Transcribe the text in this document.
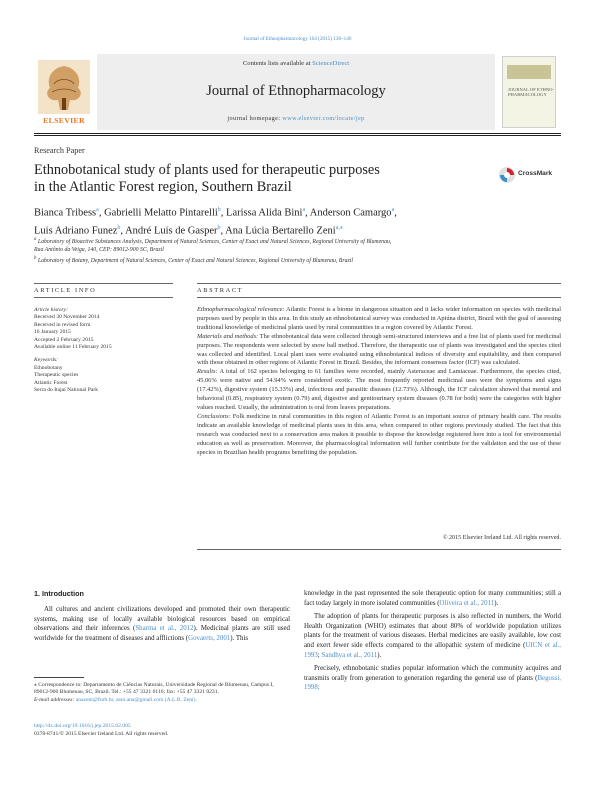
Journal of Ethnopharmacology 164 (2015) 136–146
ELSEVIER
Contents lists available at ScienceDirect
Journal of Ethnopharmacology
journal homepage: www.elsevier.com/locate/jep
JOURNAL OF ETHNO-PHARMACOLOGY
Research Paper
Ethnobotanical study of plants used for therapeutic purposes
in the Atlantic Forest region, Southern Brazil
CrossMark
Bianca Tribess$^a$, Gabrielli Melatto Pintarelli$^b$, Larissa Alida Bini$^a$, Anderson Camargo$^a$,
Luís Adriano Funez$^b$, André Luís de Gasper$^b$, Ana Lúcia Bertarello Zeni$^{a,⁎}$
$^a$ Laboratory of Bioactive Substances Analysis, Department of Natural Sciences, Center of Exact and Natural Sciences, Regional University of Blumenau,
Rua Antônio da Veiga, 140, CEP: 89012-900 SC, Brazil
$^b$ Laboratory of Botany, Department of Natural Sciences, Center of Exact and Natural Sciences, Regional University of Blumenau, Brazil
ARTICLE INFO	ABSTRACT
Article history:
Received 30 November 2014
Received in revised form
16 January 2015
Accepted 2 February 2015
Available online 11 February 2015
Keywords:
Ethnobotany
Therapeutic species
Atlantic Forest
Serra do Itajaí National Park

Ethnopharmacological relevance: Atlantic Forest is a biome in dangerous situation and it lacks wider information on species with medicinal purposes used by people in this area. In this study an ethnobotanical survey was conducted in Apiúna district, Brazil with the goal of assessing traditional knowledge of medicinal plants used by rural communities in a region covered by Atlantic Forest.

Materials and methods: The ethnobotanical data were collected through semi-structured interviews and a free list of plants used for medicinal purposes. The respondents were selected by snow ball method. Therefore, the therapeutic use of plants was investigated and the species cited was collected and identified. Local plant uses were evaluated using ethnobotanical indices of diversity and equitability, and then compared with those obtained in other regions of Atlantic Forest in Brazil. Besides, the informant consensus factor (ICF) was calculated.

Results: A total of 162 species belonging to 61 families were recorded, mainly Asteraceae and Lamiaceae. Furthermore, the species cited, 45.06% were native and 54.94% were considered exotic. The most frequently reported medicinal uses were the symptoms and signs (17.42%), digestive system (15.33%) and, infectious and parasitic diseases (12.73%). Although, the ICF calculation showed that mental and behavioral (0.85), respiratory system (0.79) and, digestive and genitourinary system diseases (0.78 for both) were the categories with higher values reached. Usually, the administration is oral from leaves preparations.

Conclusions: Folk medicine in rural communities in this region of Atlantic Forest is an important source of primary health care. The results indicate an available knowledge of medicinal plants uses in this area, when compared to other regions previously studied. The fact that this research was conducted next to a conservation area makes it possible to dispose the knowledge registered here into a tool for environmental education as well as preservation. Moreover, the pharmacological information will further contribute for the validation and the use of these species in Brazilian health programs benefiting the population.

© 2015 Elsevier Ireland Ltd. All rights reserved.
1. Introduction

All cultures and ancient civilizations developed and promoted their own therapeutic systems, making use of locally available biological resources based on empirical observations and their inferences (Sharma et al., 2012). Medicinal plants are still used worldwide for the treatment of diseases and afflictions (Govaerts, 2001). This

knowledge in the past represented the sole therapeutic option for many communities; still a fact today largely in more isolated communities (Oliveira et al., 2011).

The adoption of plants for therapeutic purposes is also reflected in numbers, the World Health Organization (WHO) estimates that about 80% of worldwide population utilizes plants for the treatment of various diseases. Herbal medicines are easily available, low cost and exert fewer side effects compared to the allopathic system of medicine (UICN et al., 1993; Sandhya et al., 2011).

Precisely, ethnobotanic studies popular information which the community acquires and transmits orally from generation to generation regarding the general use of plants (Begossi, 1998;

⁎ Correspondence to: Departamento de Ciências Naturais, Universidade Regional de Blumenau, Campus I, 89012-900 Blumenau, SC, Brazil. Tel.: +55 47 3321 0116; fax: +55 47 3321 0231.
E-mail addresses: anazeni@furb.br, zeni.ana@gmail.com (A.L.B. Zeni).
http://dx.doi.org/10.1016/j.jep.2015.02.005
0378-8741/© 2015 Elsevier Ireland Ltd. All rights reserved.
